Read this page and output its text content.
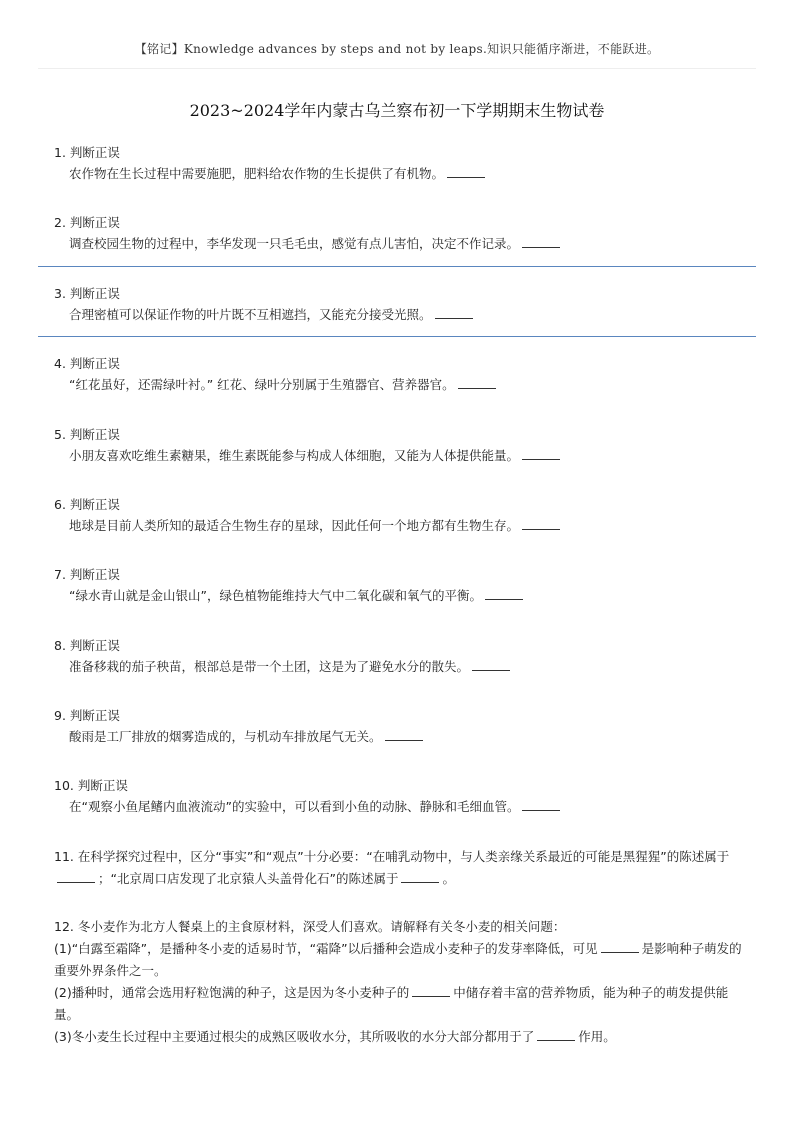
【铭记】Knowledge advances by steps and not by leaps.知识只能循序渐进，不能跃进。
2023~2024学年内蒙古乌兰察布初一下学期期末生物试卷
1. 判断正误
农作物在生长过程中需要施肥，肥料给农作物的生长提供了有机物。
2. 判断正误
调查校园生物的过程中，李华发现一只毛毛虫，感觉有点儿害怕，决定不作记录。
3. 判断正误
合理密植可以保证作物的叶片既不互相遮挡，又能充分接受光照。
4. 判断正误
“红花虽好，还需绿叶衬。” 红花、绿叶分别属于生殖器官、营养器官。
5. 判断正误
小朋友喜欢吃维生素糖果，维生素既能参与构成人体细胞，又能为人体提供能量。
6. 判断正误
地球是目前人类所知的最适合生物生存的星球，因此任何一个地方都有生物生存。
7. 判断正误
“绿水青山就是金山银山”，绿色植物能维持大气中二氧化碳和氧气的平衡。
8. 判断正误
准备移栽的茄子秧苗，根部总是带一个土团，这是为了避免水分的散失。
9. 判断正误
酸雨是工厂排放的烟雾造成的，与机动车排放尾气无关。
10. 判断正误
在“观察小鱼尾鳍内血液流动”的实验中，可以看到小鱼的动脉、静脉和毛细血管。
11. 在科学探究过程中，区分“事实”和“观点”十分必要：“在哺乳动物中，与人类亲缘关系最近的可能是黑猩猩”的陈述属于；“北京周口店发现了北京猿人头盖骨化石”的陈述属于	。
12. 冬小麦作为北方人餐桌上的主食原材料，深受人们喜欢。请解释有关冬小麦的相关问题：
(1)“白露至霜降”，是播种冬小麦的适易时节，“霜降”以后播种会造成小麦种子的发芽率降低，可见	是影响种子萌发的重要外界条件之一。
(2)播种时，通常会选用籽粒饱满的种子，这是因为冬小麦种子的	中储存着丰富的营养物质，能为种子的萌发提供能量。
(3)冬小麦生长过程中主要通过根尖的成熟区吸收水分，其所吸收的水分大部分都用于了	作用。
